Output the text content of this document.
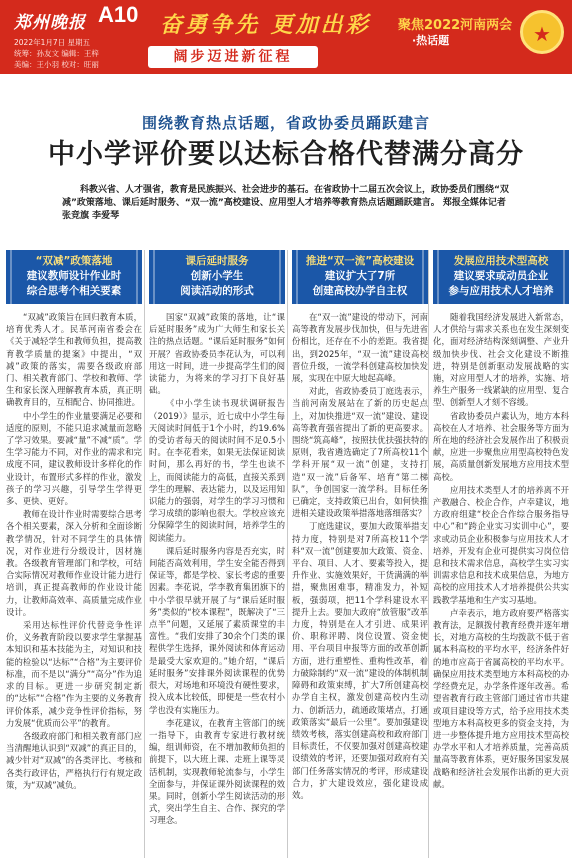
郑州晚报 A10
2022年1月7日 星期五
统筹：孙友文 编辑：王梓
美编：王小羽 校对：旺丽
奋勇争先 更加出彩 聚焦2022河南两会
·热话题
阔步迈进新征程
★
围绕教育热点话题，省政协委员踊跃建言
中小学评价要以达标合格代替满分高分

科教兴省、人才强省，教育是民族振兴、社会进步的基石。在省政协十二届五次会议上，政协委员们围绕“双减”政策落地、课后延时服务、“双一流”高校建设、应用型人才培养等教育热点话题踊跃建言。 郑报全媒体记者 张竞旗 李爱琴

“双减”政策落地
建议教师设计作业时
综合思考个相关要素

“双减”政策旨在回归教育本质，培育优秀人才。民革河南省委会在《关于减轻学生和教师负担，提高教育教学质量的提案》中提出，“双减”政策的落实，需要各级政府部门、相关教育部门、学校和教师、学生和家长深入理解教育本质，真正明确教育目的，互相配合、协同推进。

中小学生的作业量要满足必要和适度的原则，不能只追求减量而忽略了学习效果。要减“量”不减“质”。学生学习能力不同，对作业的需求和完成度不同，建议教师设计多样化的作业设计，布置形式多样的作业，激发孩子的学习兴趣，引导学生学得更多、更快、更好。

教师在设计作业时需要综合思考各个相关要素，深入分析和全面诊断教学情况，针对不同学生的具体情况，对作业进行分级设计，因材施教。各级教育管理部门和学校，可结合实际情况对教师作业设计能力进行培训，真正提高教师的作业设计能力，让教师高效率、高质量完成作业设计。

采用达标性评价代替竞争性评价，义务教育阶段以要求学生掌握基本知识和基本技能为主，对知识和技能的检验以“达标”“合格”为主要评价标准，而不是以“满分”“高分”作为追求的目标。更进一步研究制定新的“达标”“合格”作为主要的义务教育评价体系，减少竞争性评价指标，努力发展“优质而公平”的教育。

各级政府部门和相关教育部门应当清醒地认识到“双减”的真正目的，减少针对“双减”的各类评比、考核和各类行政评估，严格执行行有规定政策，为“双减”减负。

课后延时服务
创新小学生
阅读活动的形式

国家“双减”政策的落地，让“课后延时服务”成为广大师生和家长关注的热点话题。“课后延时服务”如何开展？省政协委员李花认为，可以利用这一时间，进一步提高学生们的阅读能力，为将来的学习打下良好基础。

《中小学生读书现状调研报告（2019）》显示，近七成中小学生每天阅读时间低于1个小时，约19.6%的受访者每天的阅读时间不足0.5小时。在李花看来，如果无法保证阅读时间，那么再好的书，学生也读不上，而阅读能力的高低，直接关系到学生的理解、表达能力，以及运用知识能力的强弱，对学生的学习习惯和学习成绩的影响也很大。学校应该充分保障学生的阅读时间，培养学生的阅读能力。

课后延时服务内容是否充实，时间能否高效利用，学生安全能否得到保证等，都是学校、家长考虑的重要因素。李花说，学李教育集团旗下的中小学很早就开展了与“课后延时服务”类似的“校本课程”，既解决了“三点半”问题，又延展了素质课堂的丰富性。“我们安排了30余个门类的课程供学生选择，课外阅读和体育运动是最受大家欢迎的。”她介绍，“课后延时服务”安排课外阅读课程的优势很大，对场地和环境没有硬性要求，投入成本比较低，即便是一些农村小学也没有实施压力。

李花建议，在教育主管部门的统一指导下，由教育专家进行教材统编，组训师资，在不增加教师负担的前提下，以大班上课、走班上课等灵活机制，实现教师轮流参与，小学生全面参与，并保证课外阅读课程的效果。同时，创新小学生阅读活动的形式，突出学生自主、合作、探究的学习理念。

推进“双一流”高校建设
建议扩大了7所
创建高校办学自主权

在“双一流”建设的带动下，河南高等教育发展步伐加快，但与先进省份相比，还存在不小的差距。我省提出，到2025年，“双一流”建设高校晋位升级，一流学科创建高校加快发展，实现在中原大地起高峰。

对此，省政协委员丁庭选表示，当前河南发展站在了新的历史起点上，对加快推进“双一流”建设、建设高等教育强省提出了新的更高要求。围绕“筑高峰”，按照扶优扶强扶特的原则，我省遴选确定了7所高校11个学科开展“双一流”创建，支持打造“双一流”后备军、培育“第二梯队”，争创国家一流学科。目标任务已确定，支持政策已出台，如何快推进相关建设政策举措落地落细落实？

丁庭选建议，要加大政策举措支持力度，特别是对7所高校11个学科“双一流”创建要加大政策、资金、平台、项目、人才、要素等投入，提升作业、实施效果好，干货满满的举措，聚焦困难事，精准发力，补短板，强弱项，把11个学科建设水平提升上去。要加大政府“放管服”改革力度，特别是在人才引进、成果评价、职称评聘、岗位设置、资金使用、平台项目申报等方面的改革创新方面，进行重塑性、重构性改革，着力破除制约“双一流”建设的体制机制障碍和政策束缚，扩大7所创建高校办学自主权，激发创建高校内生动力、创新活力，疏通政策堵点，打通政策落实“最后一公里”。要加强建设绩效考核，落实创建高校和政府部门目标责任，不仅要加强对创建高校建设绩效的考评，还要加强对政府有关部门任务落实情况的考评，形成建设合力，扩大建设效应，强化建设成效。

发展应用技术型高校
建议要求或动员企业
参与应用技术人才培养

随着我国经济发展进入新常态，人才供给与需求关系也在发生深刻变化，面对经济结构深刻调整、产业升级加快步伐、社会文化建设不断推进，特别是创新驱动发展战略的实施，对应用型人才的培养，实施、培养生产服务一线紧缺的应用型、复合型、创新型人才刻不容缓。

省政协委员卢素认为，地方本科高校在人才培养、社会服务等方面为所在地的经济社会发展作出了积极贡献，应进一步聚焦应用型高校特色发展，高质量创新发展地方应用技术型高校。

应用技术类型人才的培养离不开产教融合、校企合作，卢幸建议，地方政府组建“校企合作综合服务指导中心”和“跨企业实习实训中心”，要求或动员企业积极参与应用技术人才培养，开发有企业可提供实习岗位信息和技术需求信息，高校学生实习实训需求信息和技术成果信息，为地方高校的应用技术人才培养提供公共实践教学基地和生产实习基地。

卢幸表示，地方政府要严格落实教育法，足额拨付教育经费并逐年增长，对地方高校的生均拨款不低于省属本科高校的平均水平，经济条件好的地市应高于省属高校的平均水平。确保应用技术类型地方本科高校的办学经费充足，办学条件逐年改善。希望省教育行政主管部门通过省市共建或项目建设等方式，给予应用技术类型地方本科高校更多的资金支持，为进一步整体提升地方应用技术型高校办学水平和人才培养质量，完善高质量高等教育体系，更好服务国家发展战略和经济社会发展作出新的更大贡献。
